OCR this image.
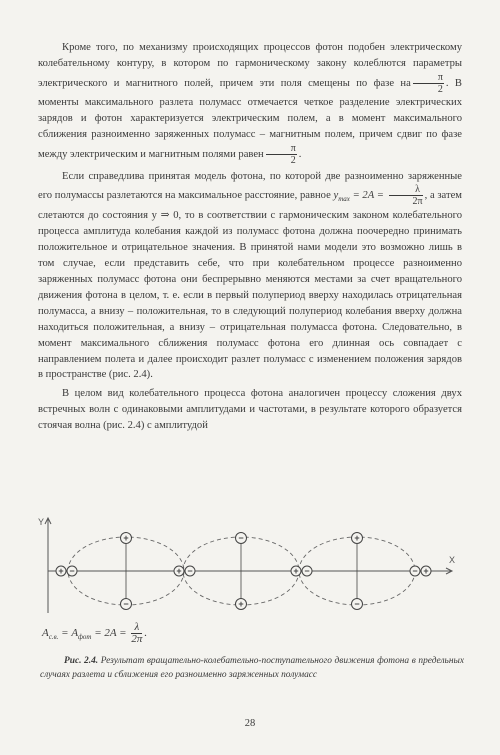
Кроме того, по механизму происходящих процессов фотон подобен электрическому колебательному контуру, в котором по гармоническому закону колеблются параметры электрического и магнитного полей, причем эти поля смещены по фазе на $\frac{\pi}{2}$ . В моменты максимального разлета полумасс отмечается четкое разделение электрических зарядов и фотон характеризуется электрическим полем, а в момент максимального сближения разноименно заряженных полумасс – магнитным полем, причем сдвиг по фазе между электрическим и магнитным полями равен $\frac{\pi}{2}$ .

Если справедлива принятая модель фотона, по которой две разноименно заряженные его полумассы разлетаются на максимальное расстояние, равное $y_{max} = 2A = \frac{\lambda}{2\pi}$ , а затем слетаются до состояния y ⇒ 0, то в соответствии с гармоническим законом колебательного процесса амплитуда колебания каждой из полумасс фотона должна поочередно принимать положительное и отрицательное значения. В принятой нами модели это возможно лишь в том случае, если представить себе, что при колебательном процессе разноименно заряженных полумасс фотона они беспрерывно меняются местами за счет вращательного движения фотона в целом, т. е. если в первый полупериод вверху находилась отрицательная полумасса, а внизу – положительная, то в следующий полупериод колебания вверху должна находиться положительная, а внизу – отрицательная полумасса фотона. Следовательно, в момент максимального сближения полумасс фотона его длинная ось совпадает с направлением полета и далее происходит разлет полумасс с изменением положения зарядов в пространстве (рис. 2.4).

В целом вид колебательного процесса фотона аналогичен процессу сложения двух встречных волн с одинаковыми амплитудами и частотами, в результате которого образуется стоячая волна (рис. 2.4) с амплитудой

Y
X
+ −	+ −	+ −	− +
+
−
−
+
+
−
$A_{с.в.} = A_{фот} = 2A = \frac{\lambda}{2\pi}$ .
Рис. 2.4. Результат вращательно-колебательно-поступательного движения фотона в предельных случаях разлета и сближения его разноименно заряженных полумасс
28
